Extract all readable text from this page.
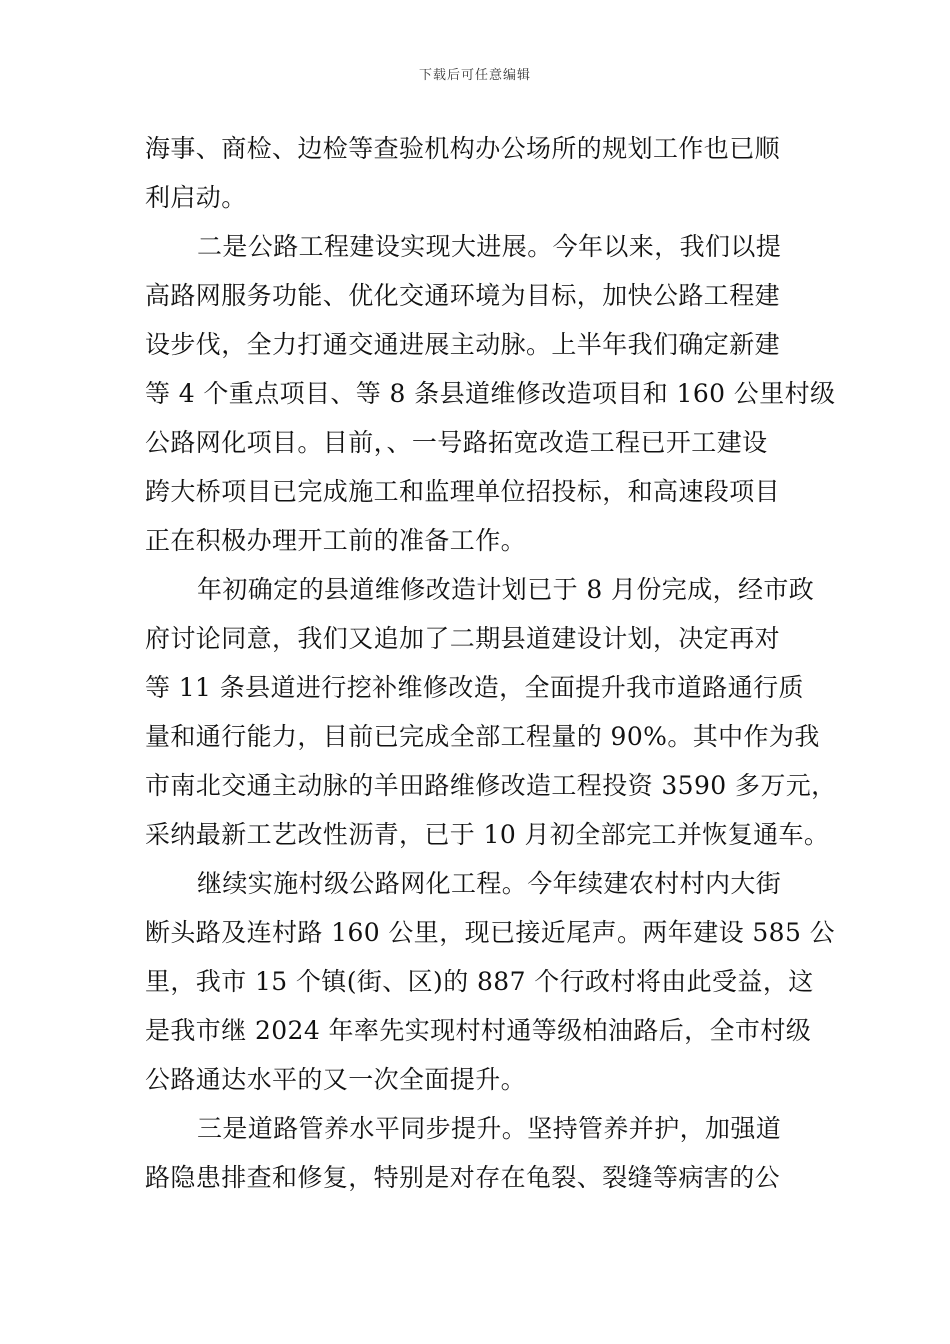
下载后可任意编辑
海事、商检、边检等查验机构办公场所的规划工作也已顺
利启动。
二是公路工程建设实现大进展。今年以来，我们以提
高路网服务功能、优化交通环境为目标，加快公路工程建
设步伐，全力打通交通进展主动脉。上半年我们确定新建
等 4 个重点项目、等 8 条县道维修改造项目和 160 公里村级
公路网化项目。目前，、一号路拓宽改造工程已开工建设
跨大桥项目已完成施工和监理单位招投标，和高速段项目
正在积极办理开工前的准备工作。
年初确定的县道维修改造计划已于 8 月份完成，经市政
府讨论同意，我们又追加了二期县道建设计划，决定再对
等 11 条县道进行挖补维修改造，全面提升我市道路通行质
量和通行能力，目前已完成全部工程量的 90%。其中作为我
市南北交通主动脉的羊田路维修改造工程投资 3590 多万元，
采纳最新工艺改性沥青，已于 10 月初全部完工并恢复通车。
继续实施村级公路网化工程。今年续建农村村内大街
断头路及连村路 160 公里，现已接近尾声。两年建设 585 公
里，我市 15 个镇(街、区)的 887 个行政村将由此受益，这
是我市继 2024 年率先实现村村通等级柏油路后，全市村级
公路通达水平的又一次全面提升。
三是道路管养水平同步提升。坚持管养并护，加强道
路隐患排查和修复，特别是对存在龟裂、裂缝等病害的公
